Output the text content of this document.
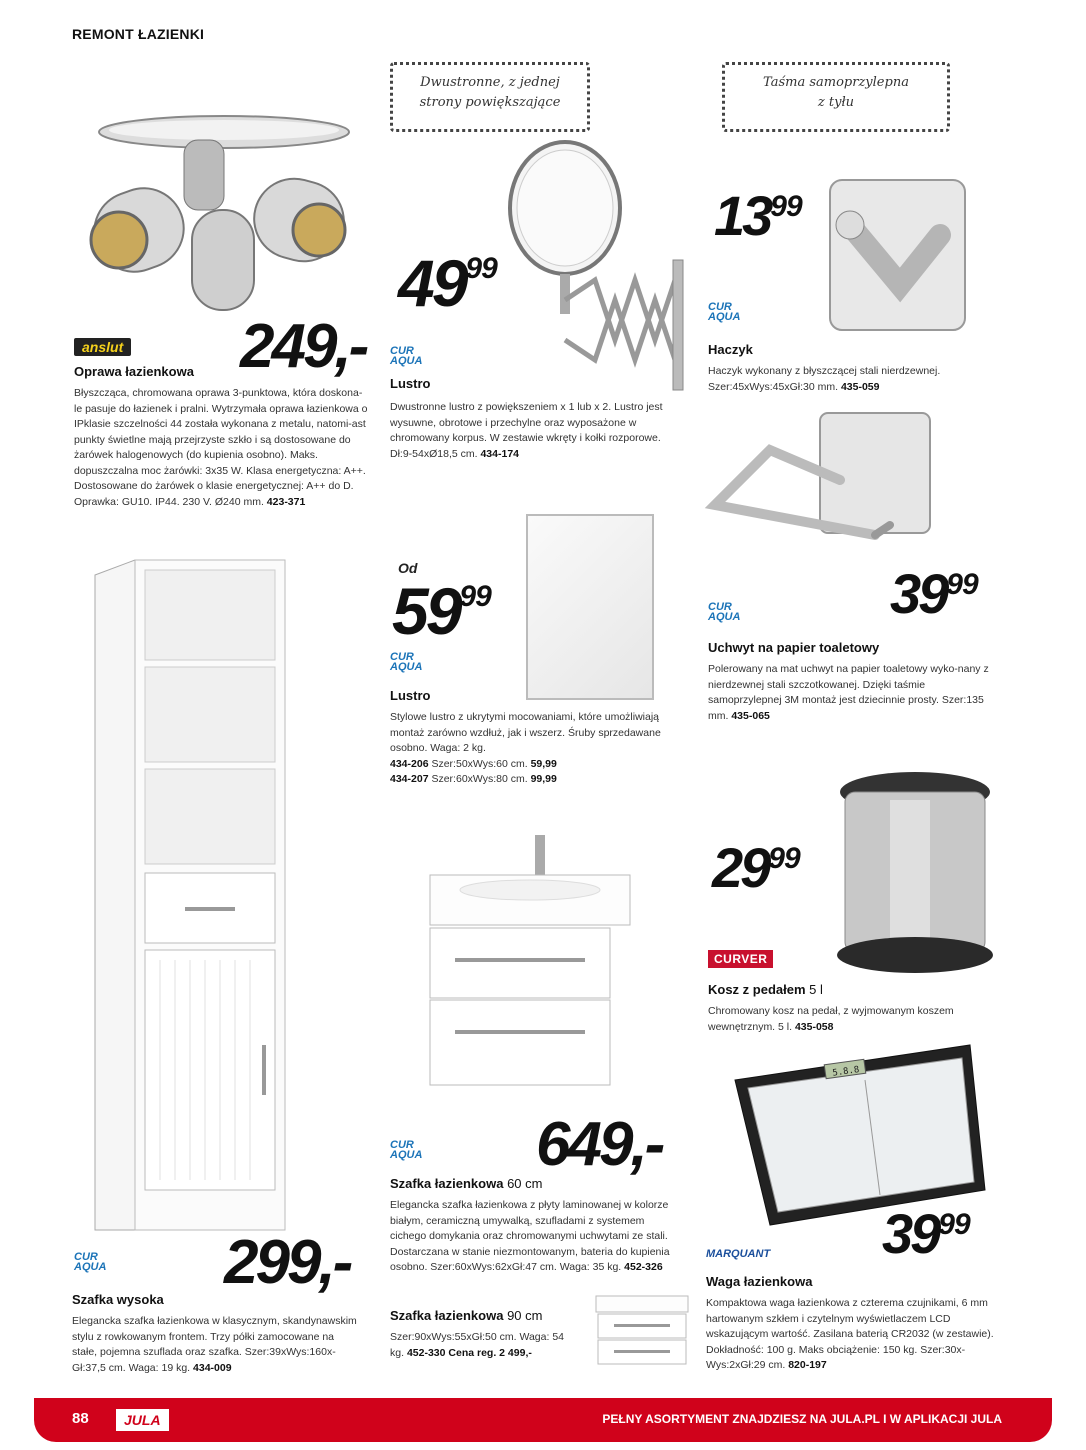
REMONT ŁAZIENKI
Dwustronne, z jednej
strony powiększające
Taśma samoprzylepna
z tyłu
anslut 249,-
Oprawa łazienkowa
Błyszcząca, chromowana oprawa 3-punktowa, która doskona-le pasuje do łazienek i pralni. Wytrzymała oprawa łazienkowa o IPklasie szczelności 44 została wykonana z metalu, natomi-ast punkty świetlne mają przejrzyste szkło i są dostosowane do żarówek halogenowych (do kupienia osobno). Maks. dopuszczalna moc żarówki: 3x35 W. Klasa energetyczna: A++. Dostosowane do żarówek o klasie energetycznej: A++ do D. Oprawka: GU10. IP44. 230 V. Ø240 mm. 423-371
4999
CUR
AQUA
Lustro
Dwustronne lustro z powiększeniem x 1 lub x 2. Lustro jest wysuwne, obrotowe i przechylne oraz wyposażone w chromowany korpus. W zestawie wkręty i kołki rozporowe. Dł:9-54xØ18,5 cm. 434-174
1399
CUR
AQUA
Haczyk
Haczyk wykonany z błyszczącej stali nierdzewnej. Szer:45xWys:45xGł:30 mm. 435-059
3999
CUR
AQUA
Uchwyt na papier toaletowy
Polerowany na mat uchwyt na papier toaletowy wyko-nany z nierdzewnej stali szczotkowanej. Dzięki taśmie samoprzylepnej 3M montaż jest dziecinnie prosty. Szer:135 mm. 435-065
Od
5999
CUR
AQUA
Lustro
Stylowe lustro z ukrytymi mocowaniami, które umożliwiają montaż zarówno wzdłuż, jak i wszerz. Śruby sprzedawane osobno. Waga: 2 kg.
434-206 Szer:50xWys:60 cm. 59,99
434-207 Szer:60xWys:80 cm. 99,99
CUR
AQUA 299,-
Szafka wysoka
Elegancka szafka łazienkowa w klasycznym, skandynawskim stylu z rowkowanym frontem. Trzy półki zamocowane na stałe, pojemna szuflada oraz szafka. Szer:39xWys:160x-Gł:37,5 cm. Waga: 19 kg. 434-009
CUR
AQUA 649,-
Szafka łazienkowa 60 cm
Elegancka szafka łazienkowa z płyty laminowanej w kolorze białym, ceramiczną umywalką, szufladami z systemem cichego domykania oraz chromowanymi uchwytami ze stali. Dostarczana w stanie niezmontowanym, bateria do kupienia osobno. Szer:60xWys:62xGł:47 cm. Waga: 35 kg. 452-326
Szafka łazienkowa 90 cm
Szer:90xWys:55xGł:50 cm. Waga: 54 kg. 452-330 Cena reg. 2 499,-
2999
CURVER
Kosz z pedałem 5 l
Chromowany kosz na pedał, z wyjmowanym koszem wewnętrznym. 5 l. 435-058
5.8.8
MARQUANT 3999
Waga łazienkowa
Kompaktowa waga łazienkowa z czterema czujnikami, 6 mm hartowanym szkłem i czytelnym wyświetlaczem LCD wskazującym wartość. Zasilana baterią CR2032 (w zestawie). Dokładność: 100 g. Maks obciążenie: 150 kg. Szer:30x-Wys:2xGł:29 cm. 820-197
88	JULA	PEŁNY ASORTYMENT ZNAJDZIESZ NA JULA.PL I W APLIKACJI JULA
